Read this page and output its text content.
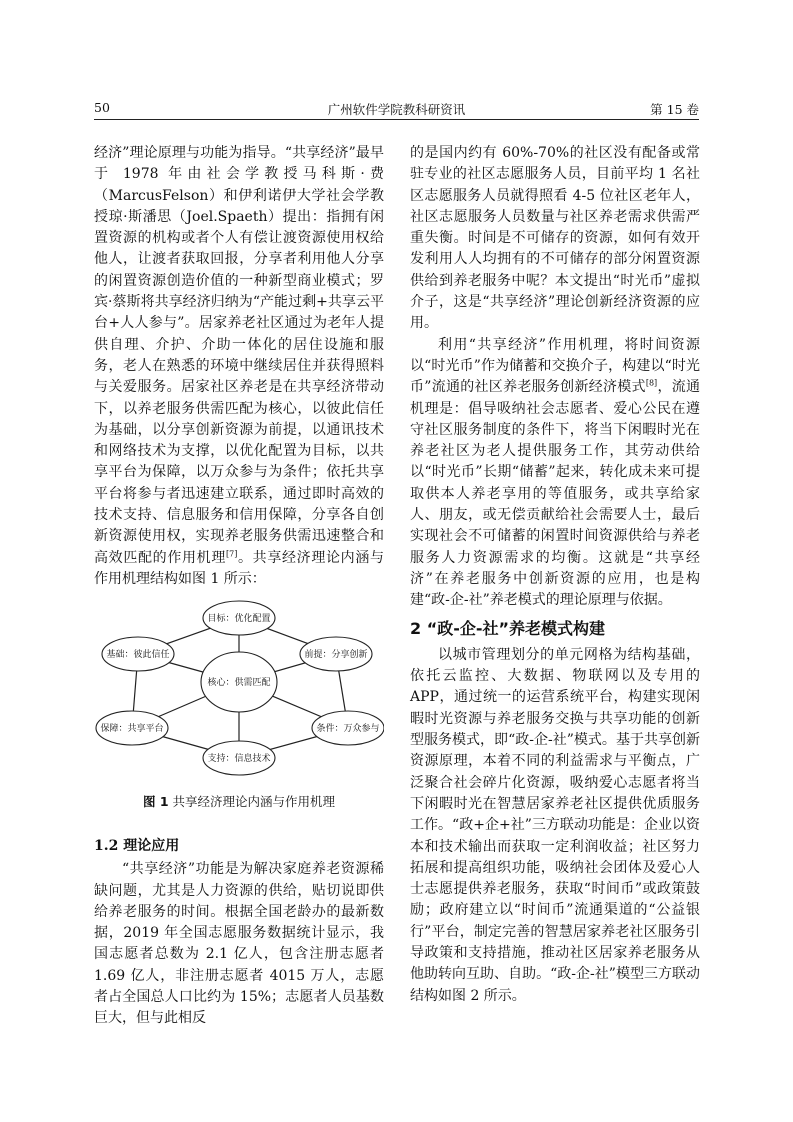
50	广州软件学院教科研资讯	第 15 卷

经济”理论原理与功能为指导。“共享经济”最早于 1978 年由社会学教授马科斯·费（MarcusFelson）和伊利诺伊大学社会学教授琼·斯潘思（Joel.Spaeth）提出：指拥有闲置资源的机构或者个人有偿让渡资源使用权给他人，让渡者获取回报，分享者利用他人分享的闲置资源创造价值的一种新型商业模式；罗宾·蔡斯将共享经济归纳为“产能过剩+共享云平台+人人参与”。居家养老社区通过为老年人提供自理、介护、介助一体化的居住设施和服务，老人在熟悉的环境中继续居住并获得照料与关爱服务。居家社区养老是在共享经济带动下，以养老服务供需匹配为核心，以彼此信任为基础，以分享创新资源为前提，以通讯技术和网络技术为支撑，以优化配置为目标，以共享平台为保障，以万众参与为条件；依托共享平台将参与者迅速建立联系，通过即时高效的技术支持、信息服务和信用保障，分享各自创新资源使用权，实现养老服务供需迅速整合和高效匹配的作用机理[7]。共享经济理论内涵与作用机理结构如图 1 所示：

核心：供需匹配
目标：优化配置
前提：分享创新
条件：万众参与
支持：信息技术
保障：共享平台
基础：彼此信任
图 1 共享经济理论内涵与作用机理
1.2 理论应用

“共享经济”功能是为解决家庭养老资源稀缺问题，尤其是人力资源的供给，贴切说即供给养老服务的时间。根据全国老龄办的最新数据，2019 年全国志愿服务数据统计显示，我国志愿者总数为 2.1 亿人，包含注册志愿者 1.69 亿人，非注册志愿者 4015 万人，志愿者占全国总人口比约为 15%；志愿者人员基数巨大，但与此相反

的是国内约有 60%-70%的社区没有配备或常驻专业的社区志愿服务人员，目前平均 1 名社区志愿服务人员就得照看 4-5 位社区老年人，社区志愿服务人员数量与社区养老需求供需严重失衡。时间是不可储存的资源，如何有效开发利用人人均拥有的不可储存的部分闲置资源供给到养老服务中呢？本文提出“时光币”虚拟介子，这是“共享经济”理论创新经济资源的应用。

利用“共享经济”作用机理，将时间资源以“时光币”作为储蓄和交换介子，构建以“时光币”流通的社区养老服务创新经济模式[8]，流通机理是：倡导吸纳社会志愿者、爱心公民在遵守社区服务制度的条件下，将当下闲暇时光在养老社区为老人提供服务工作，其劳动供给以“时光币”长期“储蓄”起来，转化成未来可提取供本人养老享用的等值服务，或共享给家人、朋友，或无偿贡献给社会需要人士，最后实现社会不可储蓄的闲置时间资源供给与养老服务人力资源需求的均衡。这就是“共享经济”在养老服务中创新资源的应用，也是构建“政-企-社”养老模式的理论原理与依据。

2 “政-企-社”养老模式构建

以城市管理划分的单元网格为结构基础，依托云监控、大数据、物联网以及专用的 APP，通过统一的运营系统平台，构建实现闲暇时光资源与养老服务交换与共享功能的创新型服务模式，即“政-企-社”模式。基于共享创新资源原理，本着不同的利益需求与平衡点，广泛聚合社会碎片化资源，吸纳爱心志愿者将当下闲暇时光在智慧居家养老社区提供优质服务工作。“政+企+社”三方联动功能是：企业以资本和技术输出而获取一定利润收益；社区努力拓展和提高组织功能，吸纳社会团体及爱心人士志愿提供养老服务，获取“时间币”或政策鼓励；政府建立以“时间币”流通渠道的“公益银行”平台，制定完善的智慧居家养老社区服务引导政策和支持措施，推动社区居家养老服务从他助转向互助、自助。“政-企-社”模型三方联动结构如图 2 所示。
